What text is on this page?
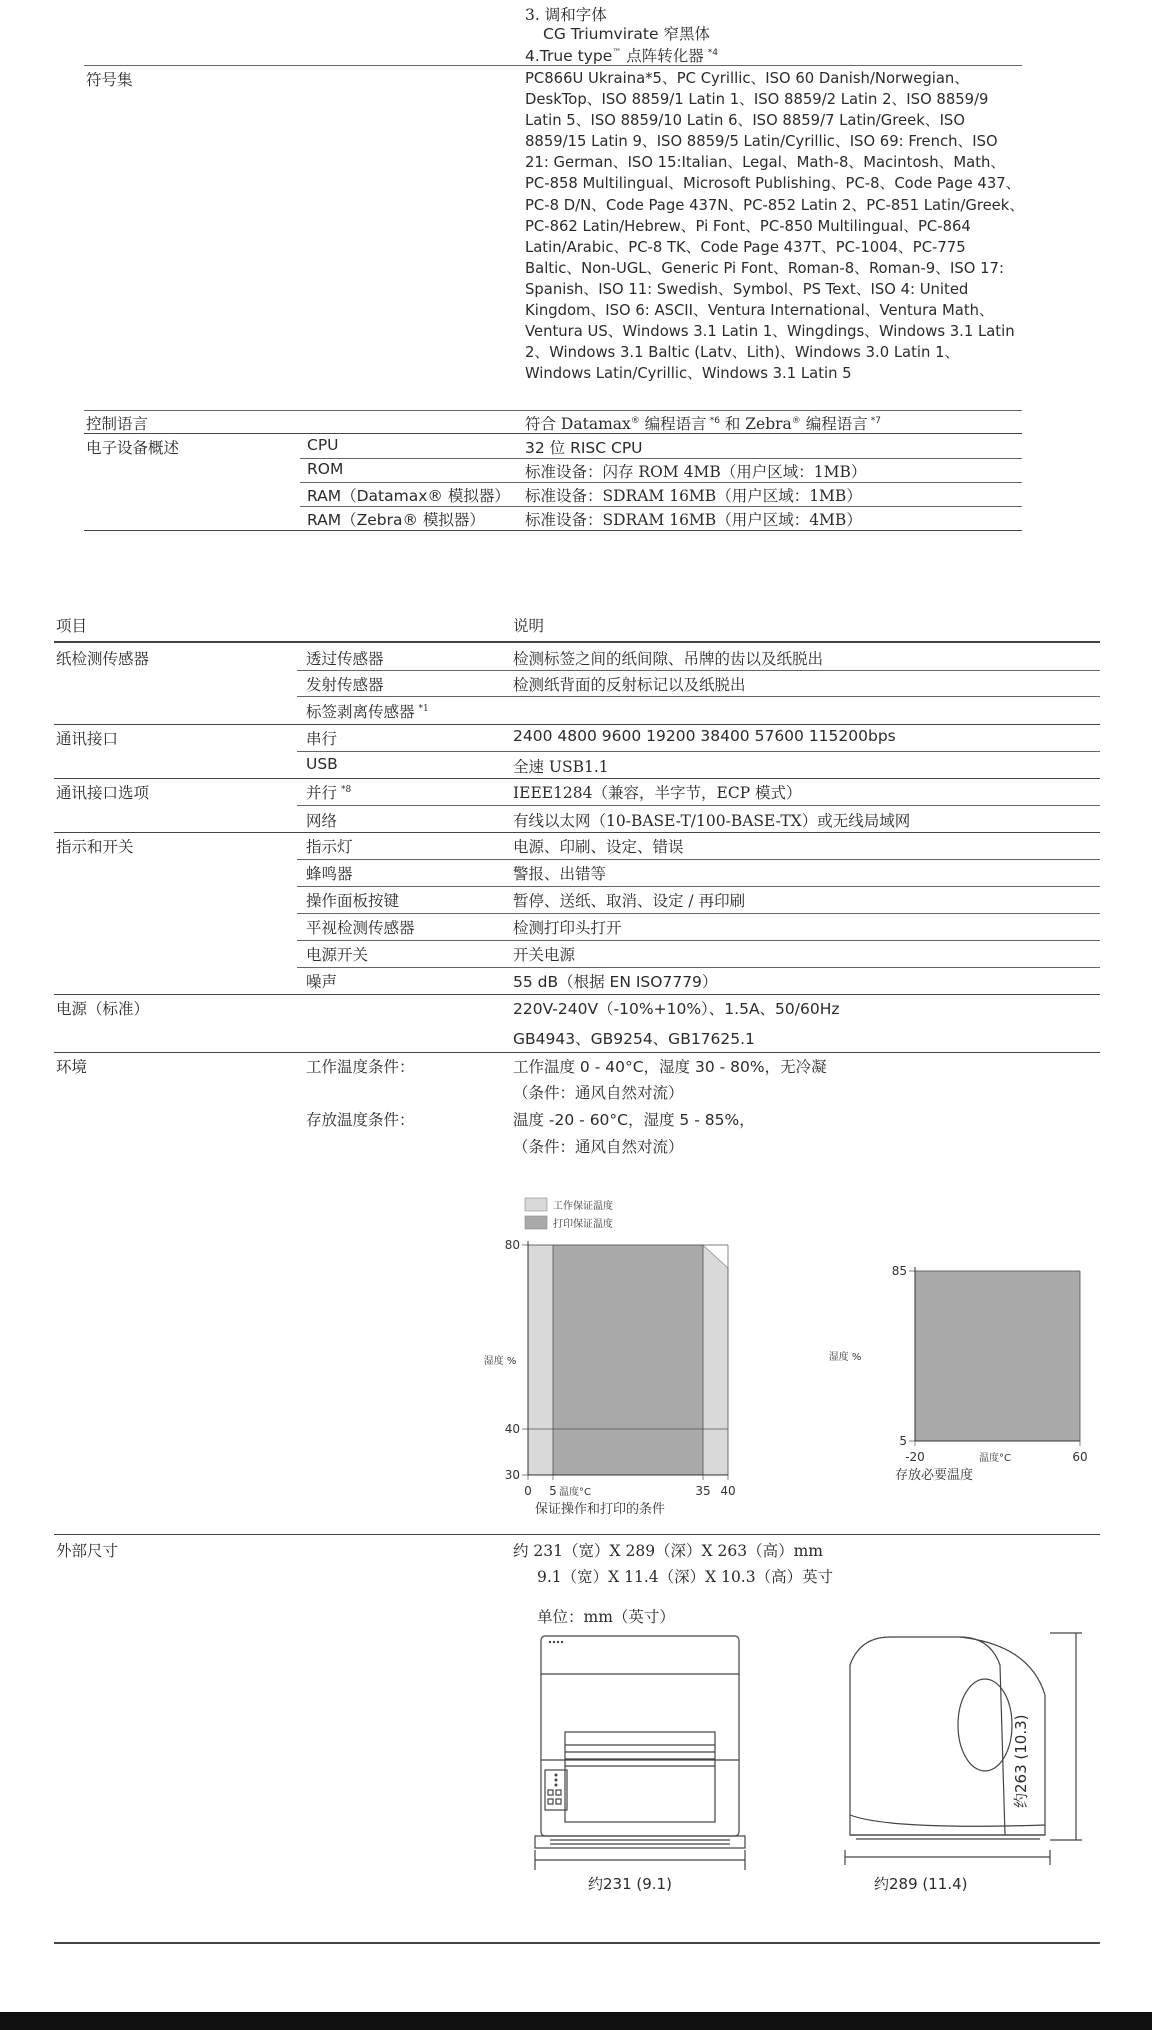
3. 调和字体
CG Triumvirate 窄黑体
4.True type™ 点阵转化器 $^{*4}$
符号集	PC866U Ukraina*5、PC Cyrillic、ISO 60 Danish/Norwegian、DeskTop、ISO 8859/1 Latin 1、ISO 8859/2 Latin 2、ISO 8859/9 Latin 5、ISO 8859/10 Latin 6、ISO 8859/7 Latin/Greek、ISO 8859/15 Latin 9、ISO 8859/5 Latin/Cyrillic、ISO 69: French、ISO 21: German、ISO 15:Italian、Legal、Math-8、Macintosh、Math、PC-858 Multilingual、Microsoft Publishing、PC-8、Code Page 437、PC-8 D/N、Code Page 437N、PC-852 Latin 2、PC-851 Latin/Greek、PC-862 Latin/Hebrew、Pi Font、PC-850 Multilingual、PC-864 Latin/Arabic、PC-8 TK、Code Page 437T、PC-1004、PC-775 Baltic、Non-UGL、Generic Pi Font、Roman-8、Roman-9、ISO 17: Spanish、ISO 11: Swedish、Symbol、PS Text、ISO 4: United Kingdom、ISO 6: ASCII、Ventura International、Ventura Math、Ventura US、Windows 3.1 Latin 1、Wingdings、Windows 3.1 Latin 2、Windows 3.1 Baltic (Latv、Lith)、Windows 3.0 Latin 1、Windows Latin/Cyrillic、Windows 3.1 Latin 5
控制语言	符合 Datamax® 编程语言 $^{*6}$ 和 Zebra® 编程语言 $^{*7}$
电子设备概述	CPU	32 位 RISC CPU
ROM	标准设备：闪存 ROM 4MB（用户区域：1MB）
RAM（Datamax® 模拟器） 标准设备：SDRAM 16MB（用户区域：1MB）
RAM（Zebra® 模拟器）	标准设备：SDRAM 16MB（用户区域：4MB）
项目	说明
纸检测传感器	透过传感器	检测标签之间的纸间隙、吊牌的齿以及纸脱出
发射传感器	检测纸背面的反射标记以及纸脱出
标签剥离传感器 $^{*1}$
通讯接口	串行	2400 4800 9600 19200 38400 57600 115200bps
USB	全速 USB1.1
通讯接口选项	并行 $^{*8}$	IEEE1284（兼容，半字节，ECP 模式）
网络	有线以太网（10-BASE-T/100-BASE-TX）或无线局域网
指示和开关	指示灯	电源、印刷、设定、错误
蜂鸣器	警报、出错等
操作面板按键	暂停、送纸、取消、设定 / 再印刷
平视检测传感器	检测打印头打开
电源开关	开关电源
噪声	55 dB（根据 EN ISO7779）
电源（标准）	220V-240V（-10%+10%）、1.5A、50/60Hz
GB4943、GB9254、GB17625.1
环境	工作温度条件：	工作温度 0 - 40°C，湿度 30 - 80%，无冷凝
（条件：通风自然对流）
存放温度条件：	温度 -20 - 60°C，湿度 5 - 85%，
（条件：通风自然对流）
工作保证温度
打印保证温度
30
40
80
0 5	35 40
湿度 %
温度°C
保证操作和打印的条件
5
85
-20	60
湿度 %
温度°C
存放必要温度
外部尺寸	约 231（宽）X 289（深）X 263（高）mm
9.1（宽）X 11.4（深）X 10.3（高）英寸
单位：mm（英寸）
约231 (9.1)	约289 (11.4)
约263 (10.3)
